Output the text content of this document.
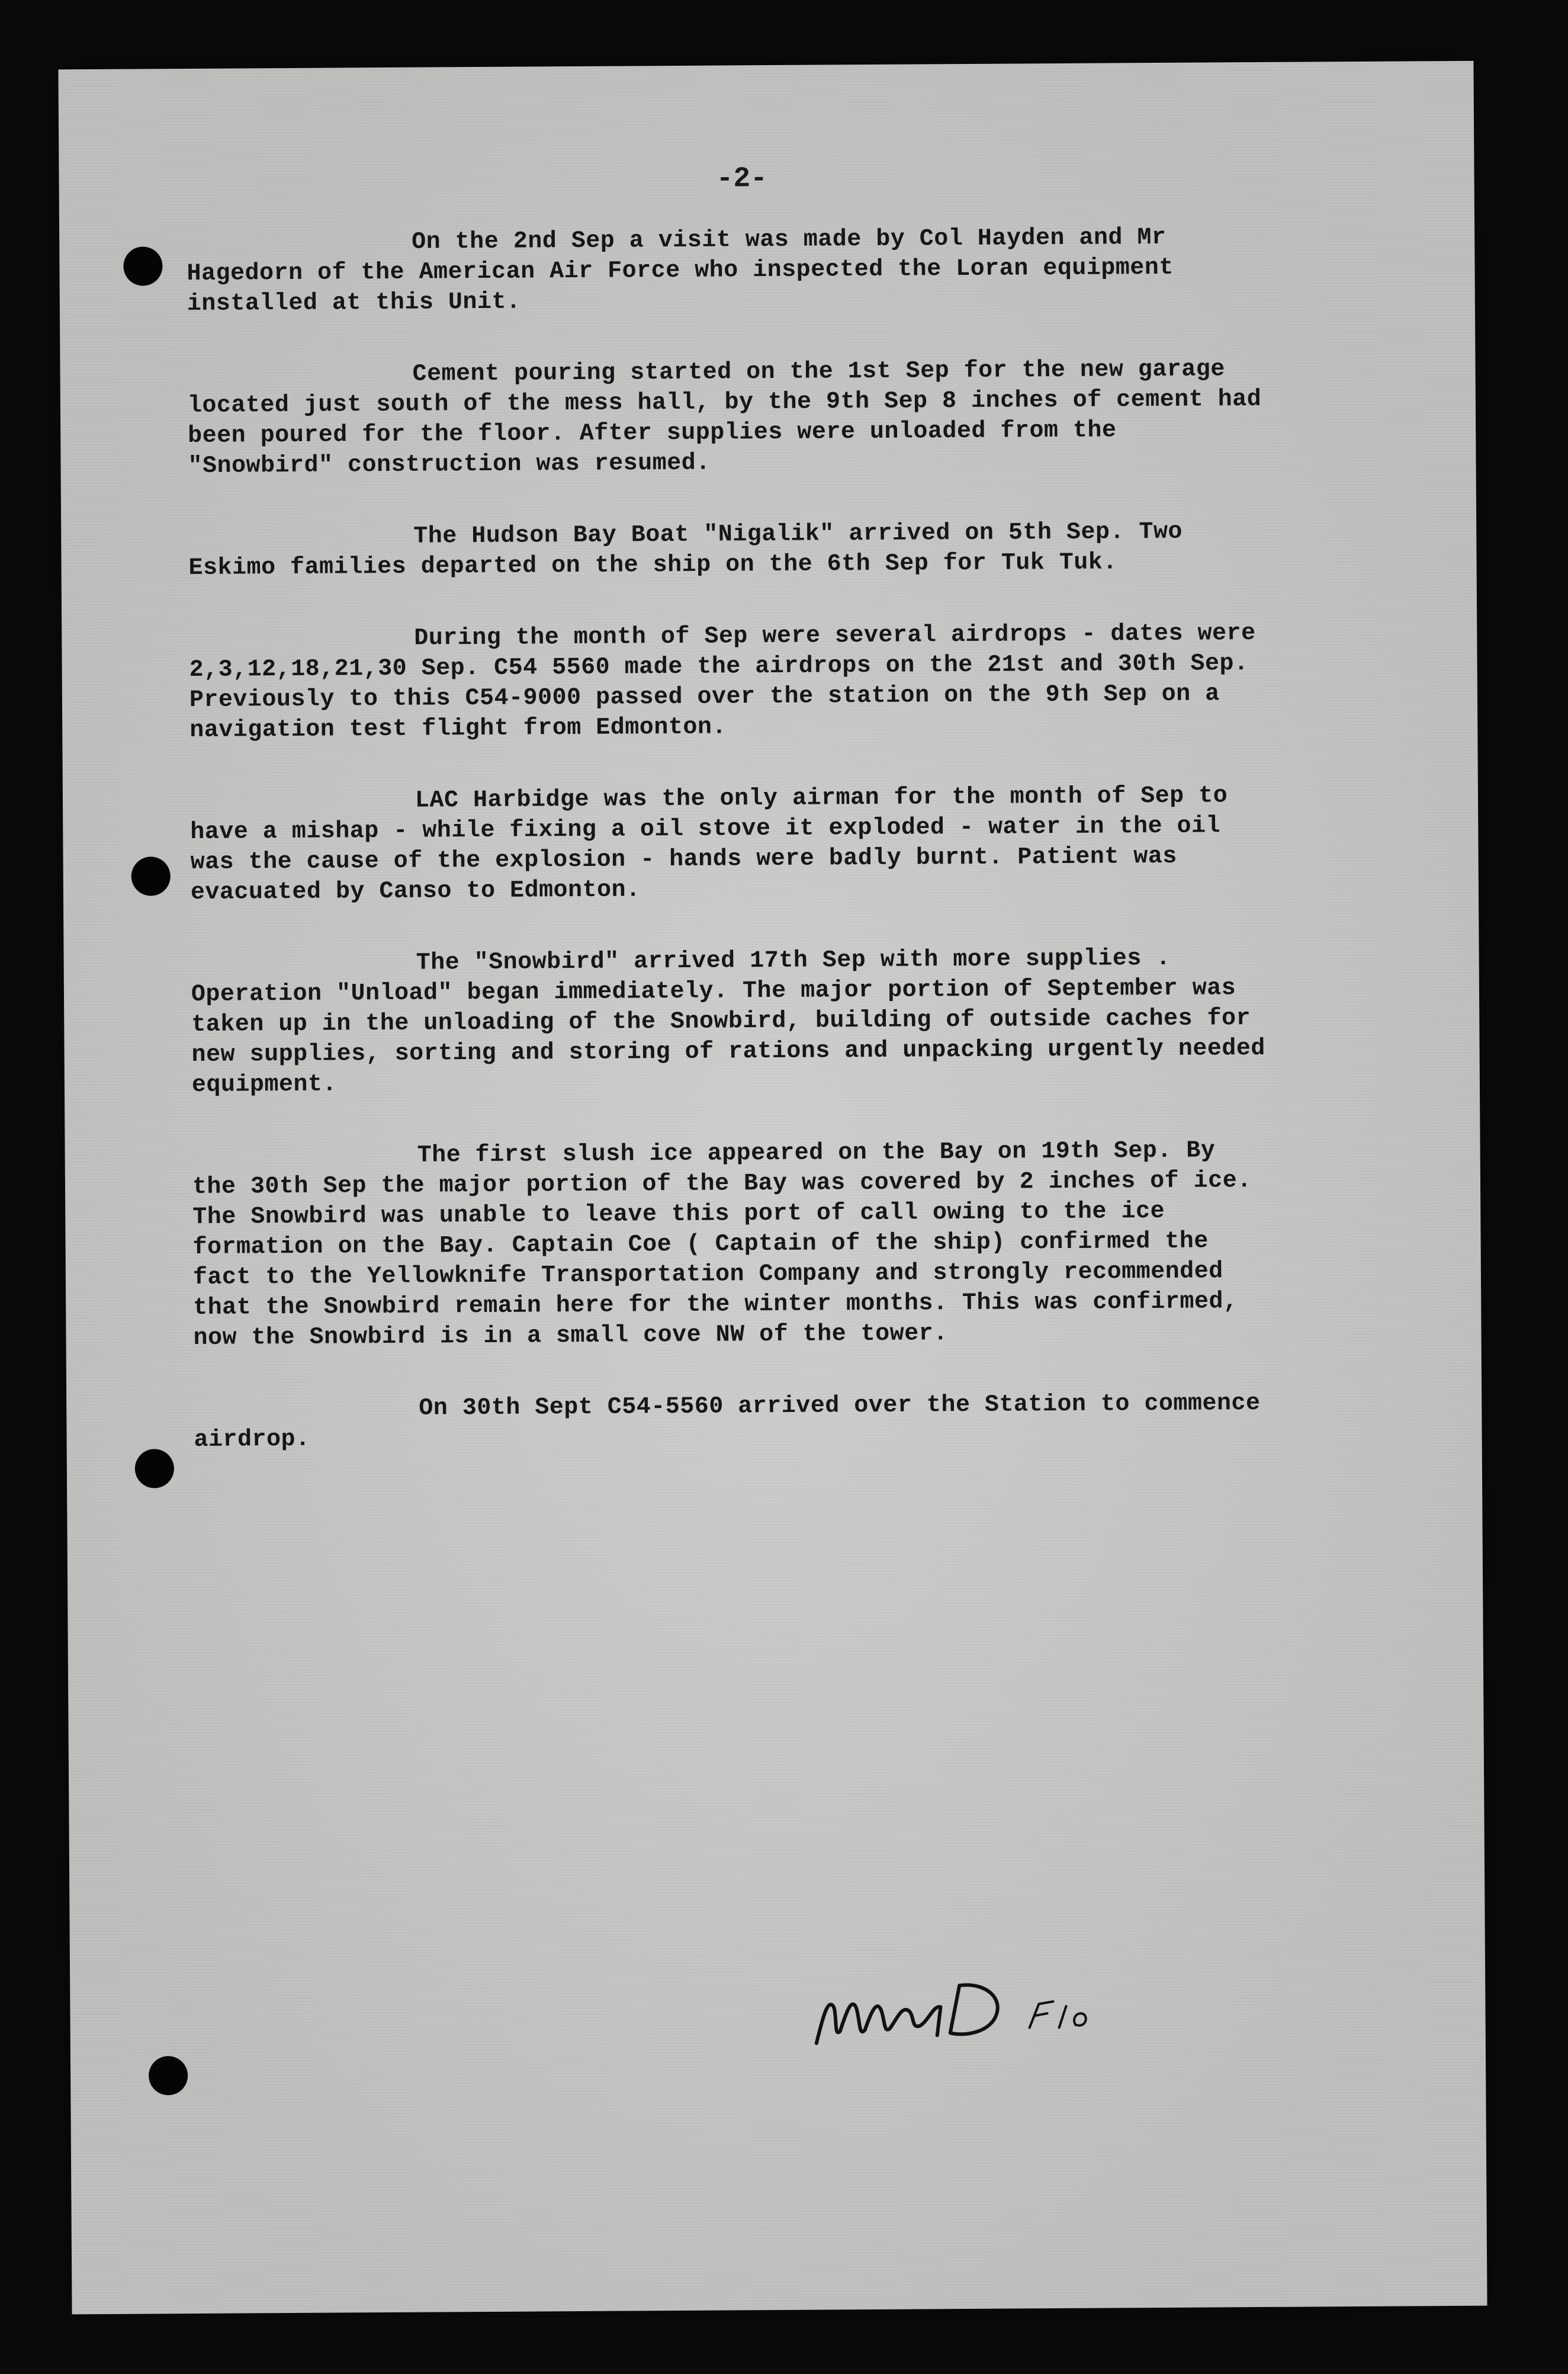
-2-

On the 2nd Sep a visit was made by Col Hayden and Mr Hagedorn of the American Air Force who inspected the Loran equipment installed at this Unit.

Cement pouring started on the 1st Sep for the new garage located just south of the mess hall, by the 9th Sep 8 inches of cement had been poured for the floor. After supplies were unloaded from the "Snowbird" construction was resumed.

The Hudson Bay Boat "Nigalik" arrived on 5th Sep. Two Eskimo families departed on the ship on the 6th Sep for Tuk Tuk.

During the month of Sep were several airdrops - dates were 2,3,12,18,21,30 Sep. C54 5560 made the airdrops on the 21st and 30th Sep. Previously to this C54-9000 passed over the station on the 9th Sep on a navigation test flight from Edmonton.

LAC Harbidge was the only airman for the month of Sep to have a mishap - while fixing a oil stove it exploded - water in the oil was the cause of the explosion - hands were badly burnt. Patient was evacuated by Canso to Edmonton.

The "Snowbird" arrived 17th Sep with more supplies . Operation "Unload" began immediately. The major portion of September was taken up in the unloading of the Snowbird, building of outside caches for new supplies, sorting and storing of rations and unpacking urgently needed equipment.

The first slush ice appeared on the Bay on 19th Sep. By the 30th Sep the major portion of the Bay was covered by 2 inches of ice. The Snowbird was unable to leave this port of call owing to the ice formation on the Bay. Captain Coe ( Captain of the ship) confirmed the fact to the Yellowknife Transportation Company and strongly recommended that the Snowbird remain here for the winter months. This was confirmed, now the Snowbird is in a small cove NW of the tower.

On 30th Sept C54-5560 arrived over the Station to commence airdrop.
